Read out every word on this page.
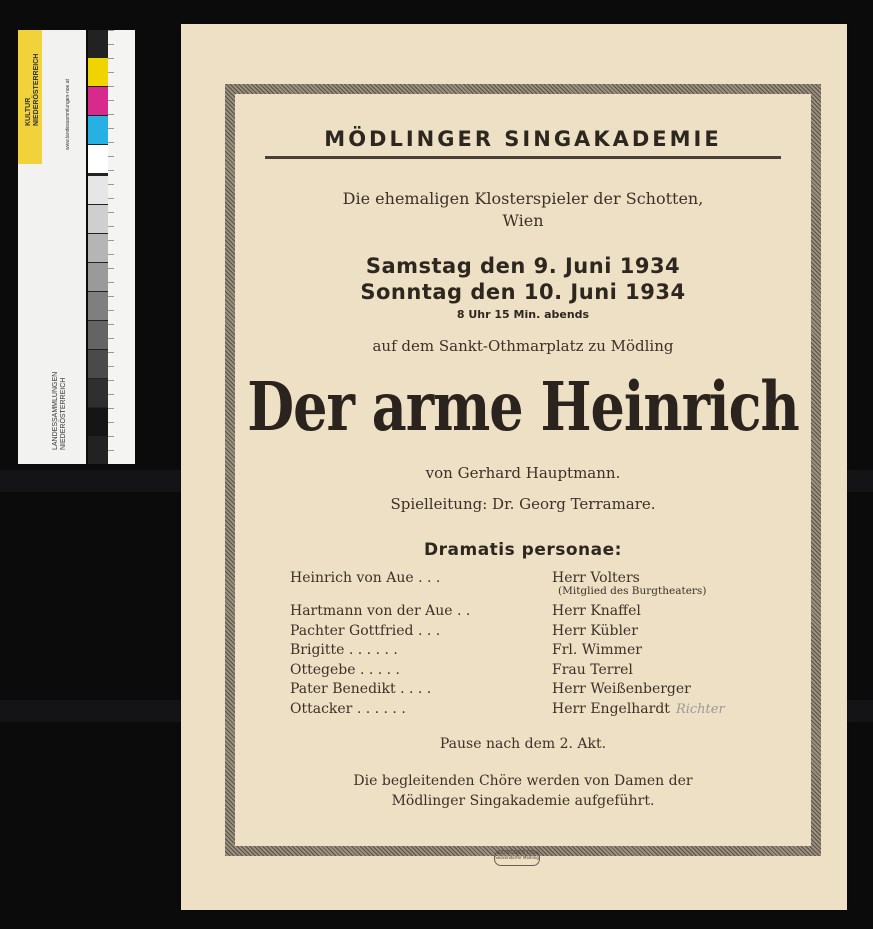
KULTUR NIEDERÖSTERREICH	www.landessammlungen-noe.at
LANDESSAMMLUNGEN NIEDERÖSTERREICH
MÖDLINGER SINGAKADEMIE
Die ehemaligen Klosterspieler der Schotten,
Wien
Samstag den 9. Juni 1934
Sonntag den 10. Juni 1934
8 Uhr 15 Min. abends
auf dem Sankt-Othmarplatz zu Mödling
Der arme Heinrich
von Gerhard Hauptmann.
Spielleitung: Dr. Georg Terramare.
Dramatis personae:
Heinrich von Aue . . .	Herr Volters
(Mitglied des Burgtheaters)
Hartmann von der Aue . .	Herr Knaffel
Pachter Gottfried . . .	Herr Kübler
Brigitte . . . . . .	Frl. Wimmer
Ottegebe . . . . .	Frau Terrel
Pater Benedikt . . . .	Herr Weißenberger
Ottacker . . . . . .	Herr Engelhardt Richter
Pause nach dem 2. Akt.
Die begleitenden Chöre werden von Damen der
Mödlinger Singakademie aufgeführt.
Buchdruckerei Franz Seckendorfer Mödling
